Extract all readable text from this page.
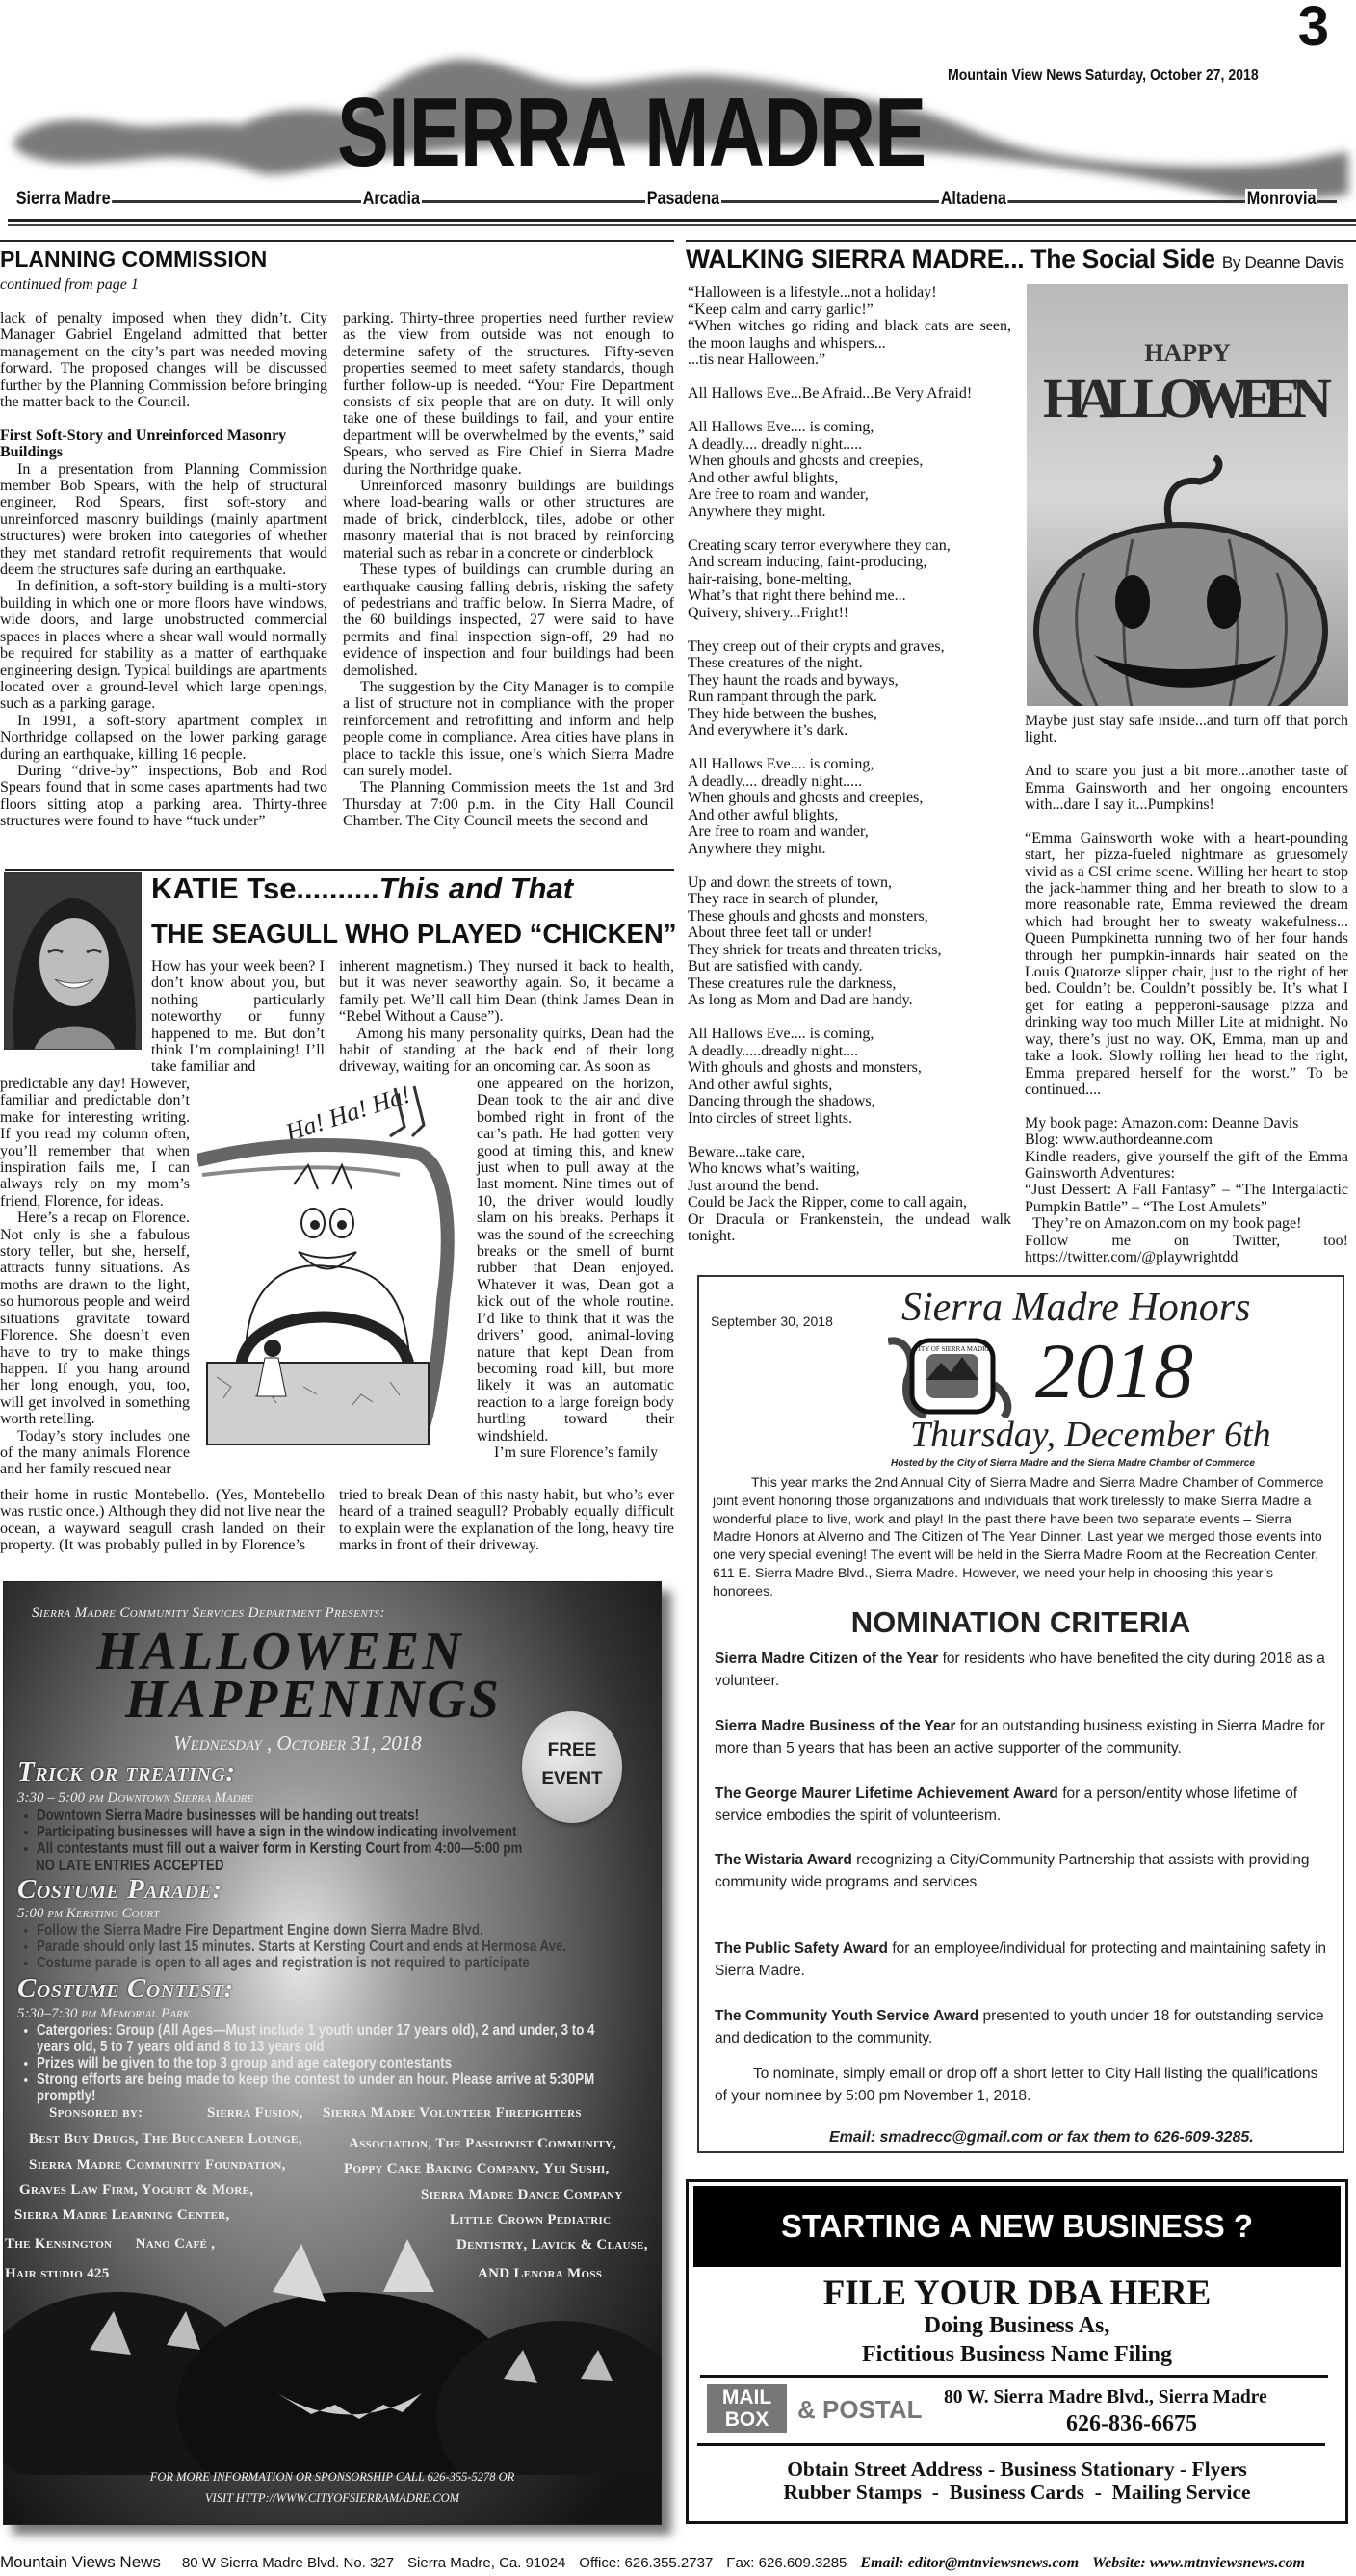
3
Mountain View News Saturday, October 27, 2018
SIERRA MADRE
Sierra Madre	Arcadia	Pasadena	Altadena	Monrovia
PLANNING COMMISSION
continued from page 1

lack of penalty imposed when they didn’t. City Manager Gabriel Engeland admitted that better management on the city’s part was needed moving forward. The proposed changes will be discussed further by the Planning Commission before bringing the matter back to the Council.

First Soft-Story and Unreinforced Masonry Buildings

In a presentation from Planning Commission member Bob Spears, with the help of structural engineer, Rod Spears, first soft-story and unreinforced masonry buildings (mainly apartment structures) were broken into categories of whether they met standard retrofit requirements that would deem the structures safe during an earthquake.

In definition, a soft-story building is a multi-story building in which one or more floors have windows, wide doors, and large unobstructed commercial spaces in places where a shear wall would normally be required for stability as a matter of earthquake engineering design. Typical buildings are apartments located over a ground-level which large openings, such as a parking garage.

In 1991, a soft-story apartment complex in Northridge collapsed on the lower parking garage during an earthquake, killing 16 people.

During “drive-by” inspections, Bob and Rod Spears found that in some cases apartments had two floors sitting atop a parking area. Thirty-three structures were found to have “tuck under”

parking. Thirty-three properties need further review as the view from outside was not enough to determine safety of the structures. Fifty-seven properties seemed to meet safety standards, though further follow-up is needed. “Your Fire Department consists of six people that are on duty. It will only take one of these buildings to fail, and your entire department will be overwhelmed by the events,” said Spears, who served as Fire Chief in Sierra Madre during the Northridge quake.

Unreinforced masonry buildings are buildings where load-bearing walls or other structures are made of brick, cinderblock, tiles, adobe or other masonry material that is not braced by reinforcing material such as rebar in a concrete or cinderblock

These types of buildings can crumble during an earthquake causing falling debris, risking the safety of pedestrians and traffic below. In Sierra Madre, of the 60 buildings inspected, 27 were said to have permits and final inspection sign-off, 29 had no evidence of inspection and four buildings had been demolished.

The suggestion by the City Manager is to compile a list of structure not in compliance with the proper reinforcement and retrofitting and inform and help people come in compliance. Area cities have plans in place to tackle this issue, one’s which Sierra Madre can surely model.

The Planning Commission meets the 1st and 3rd Thursday at 7:00 p.m. in the City Hall Council Chamber. The City Council meets the second and

KATIE Tse..........This and That
THE SEAGULL WHO PLAYED “CHICKEN”

How has your week been? I don’t know about you, but nothing particularly noteworthy or funny happened to me. But don’t think I’m complaining! I’ll take familiar and

predictable any day! However, familiar and predictable don’t make for interesting writing. If you read my column often, you’ll remember that when inspiration fails me, I can always rely on my mom’s friend, Florence, for ideas.

Here’s a recap on Florence. Not only is she a fabulous story teller, but she, herself, attracts funny situations. As moths are drawn to the light, so humorous people and weird situations gravitate toward Florence. She doesn’t even have to try to make things happen. If you hang around her long enough, you, too, will get involved in something worth retelling.

Today’s story includes one of the many animals Florence and her family rescued near

their home in rustic Montebello. (Yes, Montebello was rustic once.) Although they did not live near the ocean, a wayward seagull crash landed on their property. (It was probably pulled in by Florence’s

inherent magnetism.) They nursed it back to health, but it was never seaworthy again. So, it became a family pet. We’ll call him Dean (think James Dean in “Rebel Without a Cause”).

Among his many personality quirks, Dean had the habit of standing at the back end of their long driveway, waiting for an oncoming car. As soon as

one appeared on the horizon, Dean took to the air and dive bombed right in front of the car’s path. He had gotten very good at timing this, and knew just when to pull away at the last moment. Nine times out of 10, the driver would loudly slam on his breaks. Perhaps it was the sound of the screeching breaks or the smell of burnt rubber that Dean enjoyed. Whatever it was, Dean got a kick out of the whole routine. I’d like to think that it was the drivers’ good, animal-loving nature that kept Dean from becoming road kill, but more likely it was an automatic reaction to a large foreign body hurtling toward their windshield.

I’m sure Florence’s family

tried to break Dean of this nasty habit, but who’s ever heard of a trained seagull? Probably equally difficult to explain were the explanation of the long, heavy tire marks in front of their driveway.

Ha! Ha! Ha!
WALKING SIERRA MADRE... The Social Side By Deanne Davis
“Halloween is a lifestyle...not a holiday!
“Keep calm and carry garlic!”
“When witches go riding and black cats are seen, the moon laughs and whispers...
...tis near Halloween.”
All Hallows Eve...Be Afraid...Be Very Afraid!
All Hallows Eve.... is coming,
A deadly.... dreadly night.....
When ghouls and ghosts and creepies,
And other awful blights,
Are free to roam and wander,
Anywhere they might.
Creating scary terror everywhere they can,
And scream inducing, faint-producing,
hair-raising, bone-melting,
What’s that right there behind me...
Quivery, shivery...Fright!!
They creep out of their crypts and graves,
These creatures of the night.
They haunt the roads and byways,
Run rampant through the park.
They hide between the bushes,
And everywhere it’s dark.
All Hallows Eve.... is coming,
A deadly.... dreadly night.....
When ghouls and ghosts and creepies,
And other awful blights,
Are free to roam and wander,
Anywhere they might.
Up and down the streets of town,
They race in search of plunder,
These ghouls and ghosts and monsters,
About three feet tall or under!
They shriek for treats and threaten tricks,
But are satisfied with candy.
These creatures rule the darkness,
As long as Mom and Dad are handy.
All Hallows Eve.... is coming,
A deadly.....dreadly night....
With ghouls and ghosts and monsters,
And other awful sights,
Dancing through the shadows,
Into circles of street lights.
Beware...take care,
Who knows what’s waiting,
Just around the bend.
Could be Jack the Ripper, come to call again,
Or Dracula or Frankenstein, the undead walk tonight.
HAPPY
HALLOWEEN

Maybe just stay safe inside...and turn off that porch light.

And to scare you just a bit more...another taste of Emma Gainsworth and her ongoing encounters with...dare I say it...Pumpkins!

“Emma Gainsworth woke with a heart-pounding start, her pizza-fueled nightmare as gruesomely vivid as a CSI crime scene. Willing her heart to stop the jack-hammer thing and her breath to slow to a more reasonable rate, Emma reviewed the dream which had brought her to sweaty wakefulness... Queen Pumpkinetta running two of her four hands through her pumpkin-innards hair seated on the Louis Quatorze slipper chair, just to the right of her bed. Couldn’t be. Couldn’t possibly be. It’s what I get for eating a pepperoni-sausage pizza and drinking way too much Miller Lite at midnight. No way, there’s just no way. OK, Emma, man up and take a look. Slowly rolling her head to the right, Emma prepared herself for the worst.” To be continued....

My book page: Amazon.com: Deanne Davis

Blog: www.authordeanne.com

Kindle readers, give yourself the gift of the Emma Gainsworth Adventures:

“Just Dessert: A Fall Fantasy” – “The Intergalactic Pumpkin Battle” – “The Lost Amulets”

They’re on Amazon.com on my book page!

Follow me on Twitter, too! https://twitter.com/@playwrightdd

September 30, 2018 Sierra Madre Honors
CITY OF SIERRA MADRE 2018
Thursday, December 6th
Hosted by the City of Sierra Madre and the Sierra Madre Chamber of Commerce
This year marks the 2nd Annual City of Sierra Madre and Sierra Madre Chamber of Commerce joint event honoring those organizations and individuals that work tirelessly to make Sierra Madre a wonderful place to live, work and play! In the past there have been two separate events – Sierra Madre Honors at Alverno and The Citizen of The Year Dinner. Last year we merged those events into one very special evening! The event will be held in the Sierra Madre Room at the Recreation Center, 611 E. Sierra Madre Blvd., Sierra Madre. However, we need your help in choosing this year’s honorees.
NOMINATION CRITERIA
Sierra Madre Citizen of the Year for residents who have benefited the city during 2018 as a volunteer.
Sierra Madre Business of the Year for an outstanding business existing in Sierra Madre for more than 5 years that has been an active supporter of the community.
The George Maurer Lifetime Achievement Award for a person/entity whose lifetime of service embodies the spirit of volunteerism.
The Wistaria Award recognizing a City/Community Partnership that assists with providing community wide programs and services
The Public Safety Award for an employee/individual for protecting and maintaining safety in Sierra Madre.
The Community Youth Service Award presented to youth under 18 for outstanding service and dedication to the community.
To nominate, simply email or drop off a short letter to City Hall listing the qualifications of your nominee by 5:00 pm November 1, 2018.
Email: smadrecc@gmail.com or fax them to 626-609-3285.
STARTING A NEW BUSINESS ?
FILE YOUR DBA HERE
Doing Business As,
Fictitious Business Name Filing
MAIL
BOX	& POSTAL 80 W. Sierra Madre Blvd., Sierra Madre
626-836-6675
Obtain Street Address - Business Stationary - Flyers
Rubber Stamps  -  Business Cards  -  Mailing Service
Sierra Madre Community Services Department Presents:
HALLOWEEN
HAPPENINGS
Wednesday , October 31, 2018	FREE
EVENT
Trick or treating:
3:30 – 5:00 pm Downtown Sierra Madre
• Downtown Sierra Madre businesses will be handing out treats!
• Participating businesses will have a sign in the window indicating involvement
• All contestants must fill out a waiver form in Kersting Court from 4:00—5:00 pm
NO LATE ENTRIES ACCEPTED
Costume Parade:
5:00 pm Kersting Court
• Follow the Sierra Madre Fire Department Engine down Sierra Madre Blvd.
• Parade should only last 15 minutes. Starts at Kersting Court and ends at Hermosa Ave.
• Costume parade is open to all ages and registration is not required to participate
Costume Contest:
5:30–7:30 pm Memorial Park
• Catergories: Group (All Ages—Must include 1 youth under 17 years old), 2 and under, 3 to 4 years old, 5 to 7 years old and 8 to 13 years old
• Prizes will be given to the top 3 group and age category contestants
• Strong efforts are being made to keep the contest to under an hour. Please arrive at 5:30PM promptly!
Sponsored by:	Sierra Fusion,
Best Buy Drugs, The Buccaneer Lounge,
Sierra Madre Community Foundation,
Graves Law Firm, Yogurt & More,
Sierra Madre Learning Center,
The Kensington      Nano Café ,
Hair studio 425
Sierra Madre Volunteer Firefighters
Association, The Passionist Community,
Poppy Cake Baking Company, Yui Sushi,
Sierra Madre Dance Company
Little Crown Pediatric
Dentistry, Lavick & Clause,
AND Lenora Moss
FOR MORE INFORMATION OR SPONSORSHIP CALL 626-355-5278 OR
VISIT HTTP://WWW.CITYOFSIERRAMADRE.COM
Mountain Views News 80 W Sierra Madre Blvd. No. 327 Sierra Madre, Ca. 91024 Office: 626.355.2737 Fax: 626.609.3285 Email: editor@mtnviewsnews.com Website: www.mtnviewsnews.com
